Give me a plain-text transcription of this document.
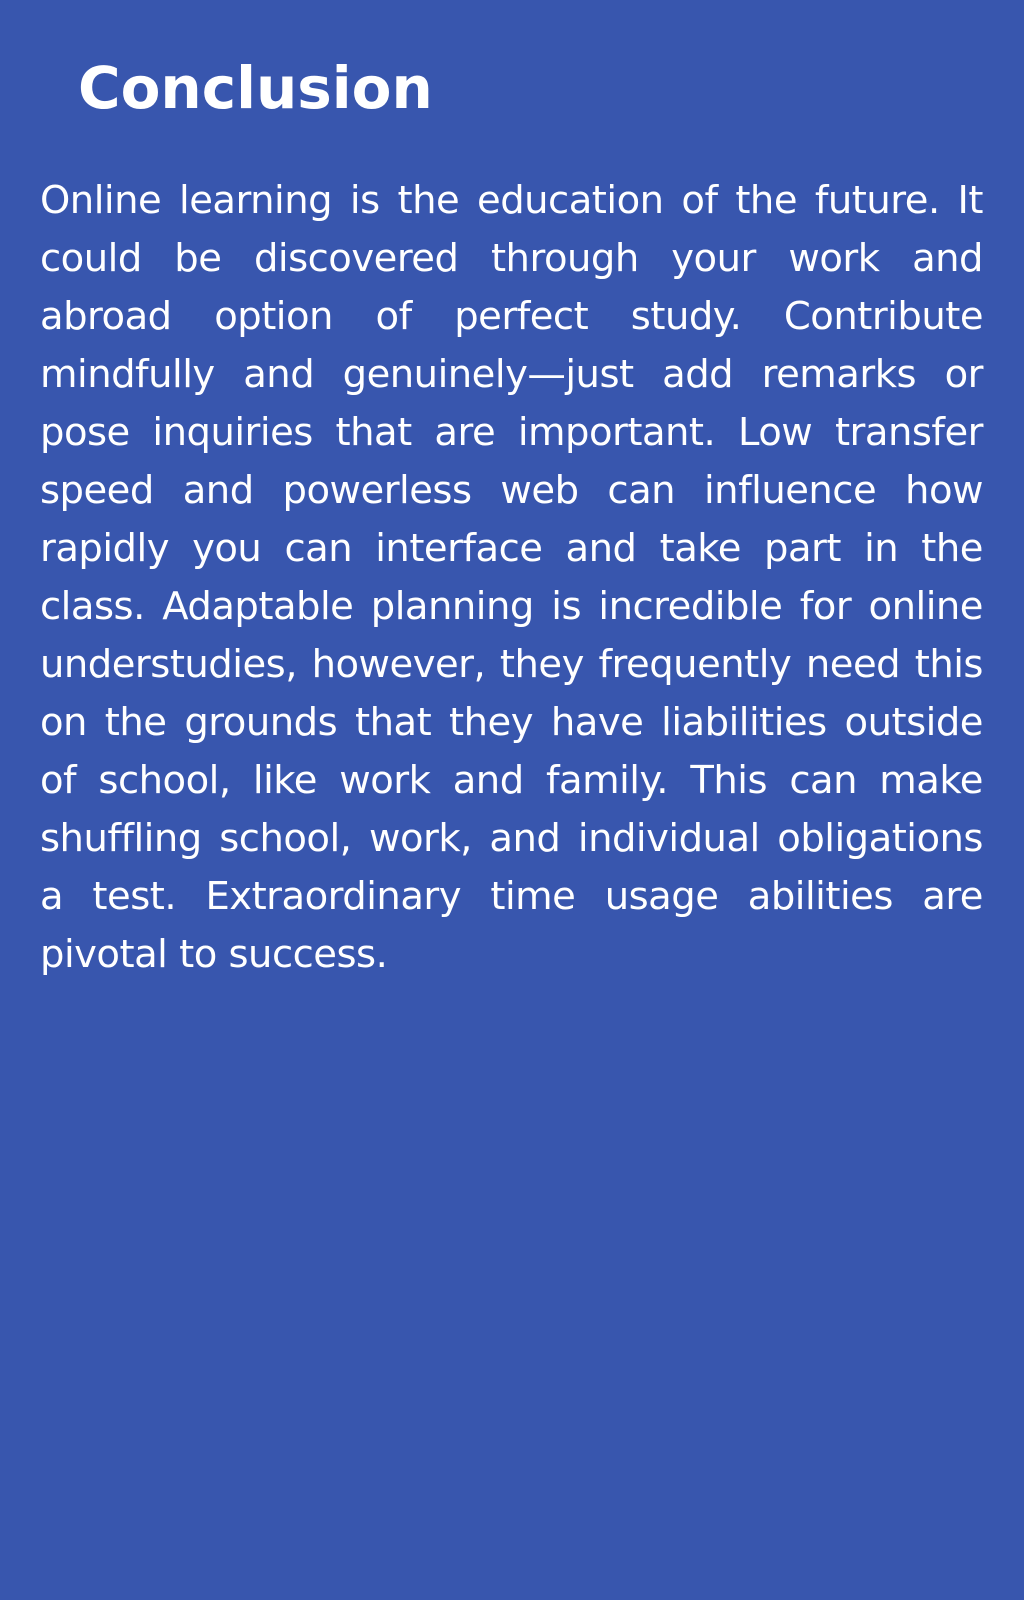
Conclusion

Online learning is the education of the future. It could be discovered through your work and abroad option of perfect study. Contribute mindfully and genuinely—just add remarks or pose inquiries that are important. Low transfer speed and powerless web can influence how rapidly you can interface and take part in the class. Adaptable planning is incredible for online understudies, however, they frequently need this on the grounds that they have liabilities outside of school, like work and family. This can make shuffling school, work, and individual obligations a test. Extraordinary time usage abilities are pivotal to success.
